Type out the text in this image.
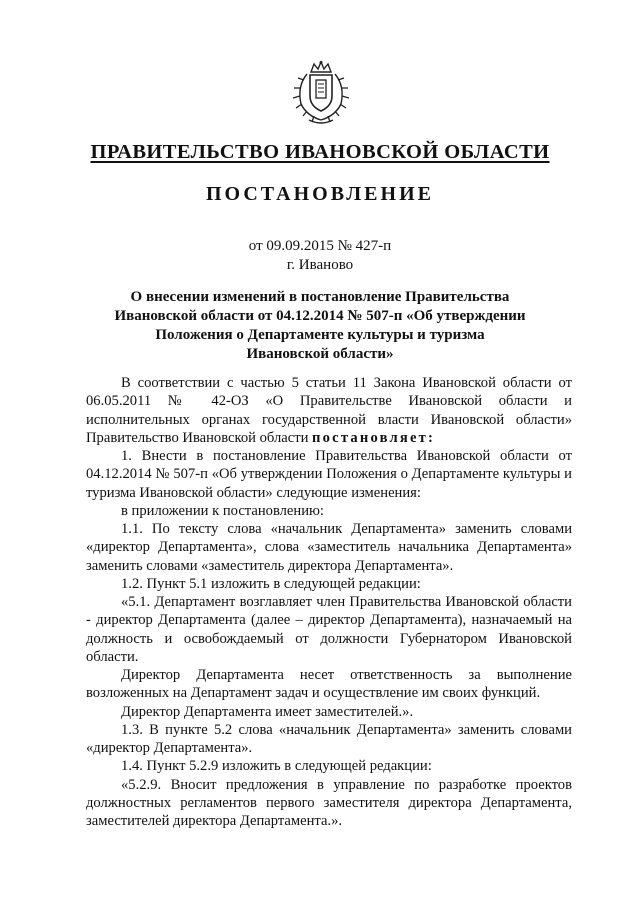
ПРАВИТЕЛЬСТВО ИВАНОВСКОЙ ОБЛАСТИ
ПОСТАНОВЛЕНИЕ
от 09.09.2015 № 427-п
г. Иваново
О внесении изменений в постановление Правительства
Ивановской области от 04.12.2014 № 507-п «Об утверждении
Положения о Департаменте культуры и туризма
Ивановской области»

В соответствии с частью 5 статьи 11 Закона Ивановской области от 06.05.2011 № 42-ОЗ «О Правительстве Ивановской области и исполнительных органах государственной власти Ивановской области» Правительство Ивановской области постановляет:

1. Внести в постановление Правительства Ивановской области от 04.12.2014 № 507-п «Об утверждении Положения о Департаменте культуры и туризма Ивановской области» следующие изменения:

в приложении к постановлению:

1.1. По тексту слова «начальник Департамента» заменить словами «директор Департамента», слова «заместитель начальника Департамента» заменить словами «заместитель директора Департамента».

1.2. Пункт 5.1 изложить в следующей редакции:

«5.1. Департамент возглавляет член Правительства Ивановской области - директор Департамента (далее – директор Департамента), назначаемый на должность и освобождаемый от должности Губернатором Ивановской области.

Директор Департамента несет ответственность за выполнение возложенных на Департамент задач и осуществление им своих функций.

Директор Департамента имеет заместителей.».

1.3. В пункте 5.2 слова «начальник Департамента» заменить словами «директор Департамента».

1.4. Пункт 5.2.9 изложить в следующей редакции:

«5.2.9. Вносит предложения в управление по разработке проектов должностных регламентов первого заместителя директора Департамента, заместителей директора Департамента.».
